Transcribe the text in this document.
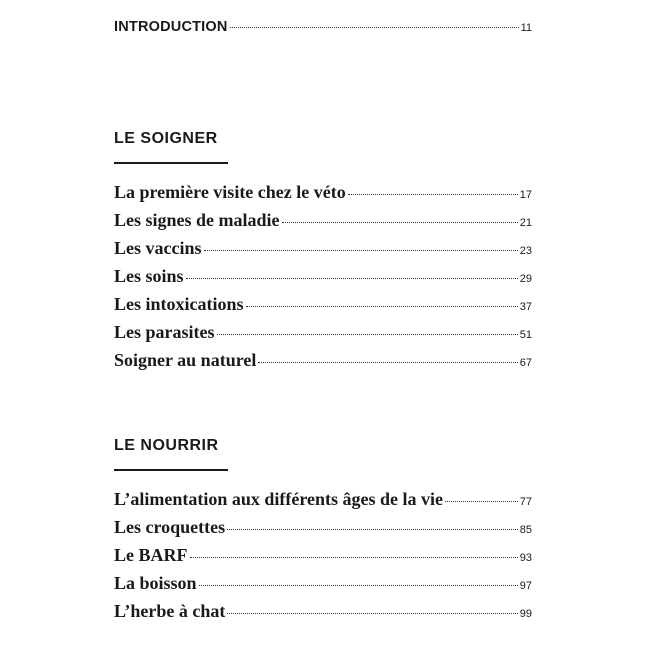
INTRODUCTION	11
LE SOIGNER
La première visite chez le véto	17
Les signes de maladie	21
Les vaccins	23
Les soins	29
Les intoxications	37
Les parasites	51
Soigner au naturel	67
LE NOURRIR
L’alimentation aux différents âges de la vie	77
Les croquettes	85
Le BARF	93
La boisson	97
L’herbe à chat	99
